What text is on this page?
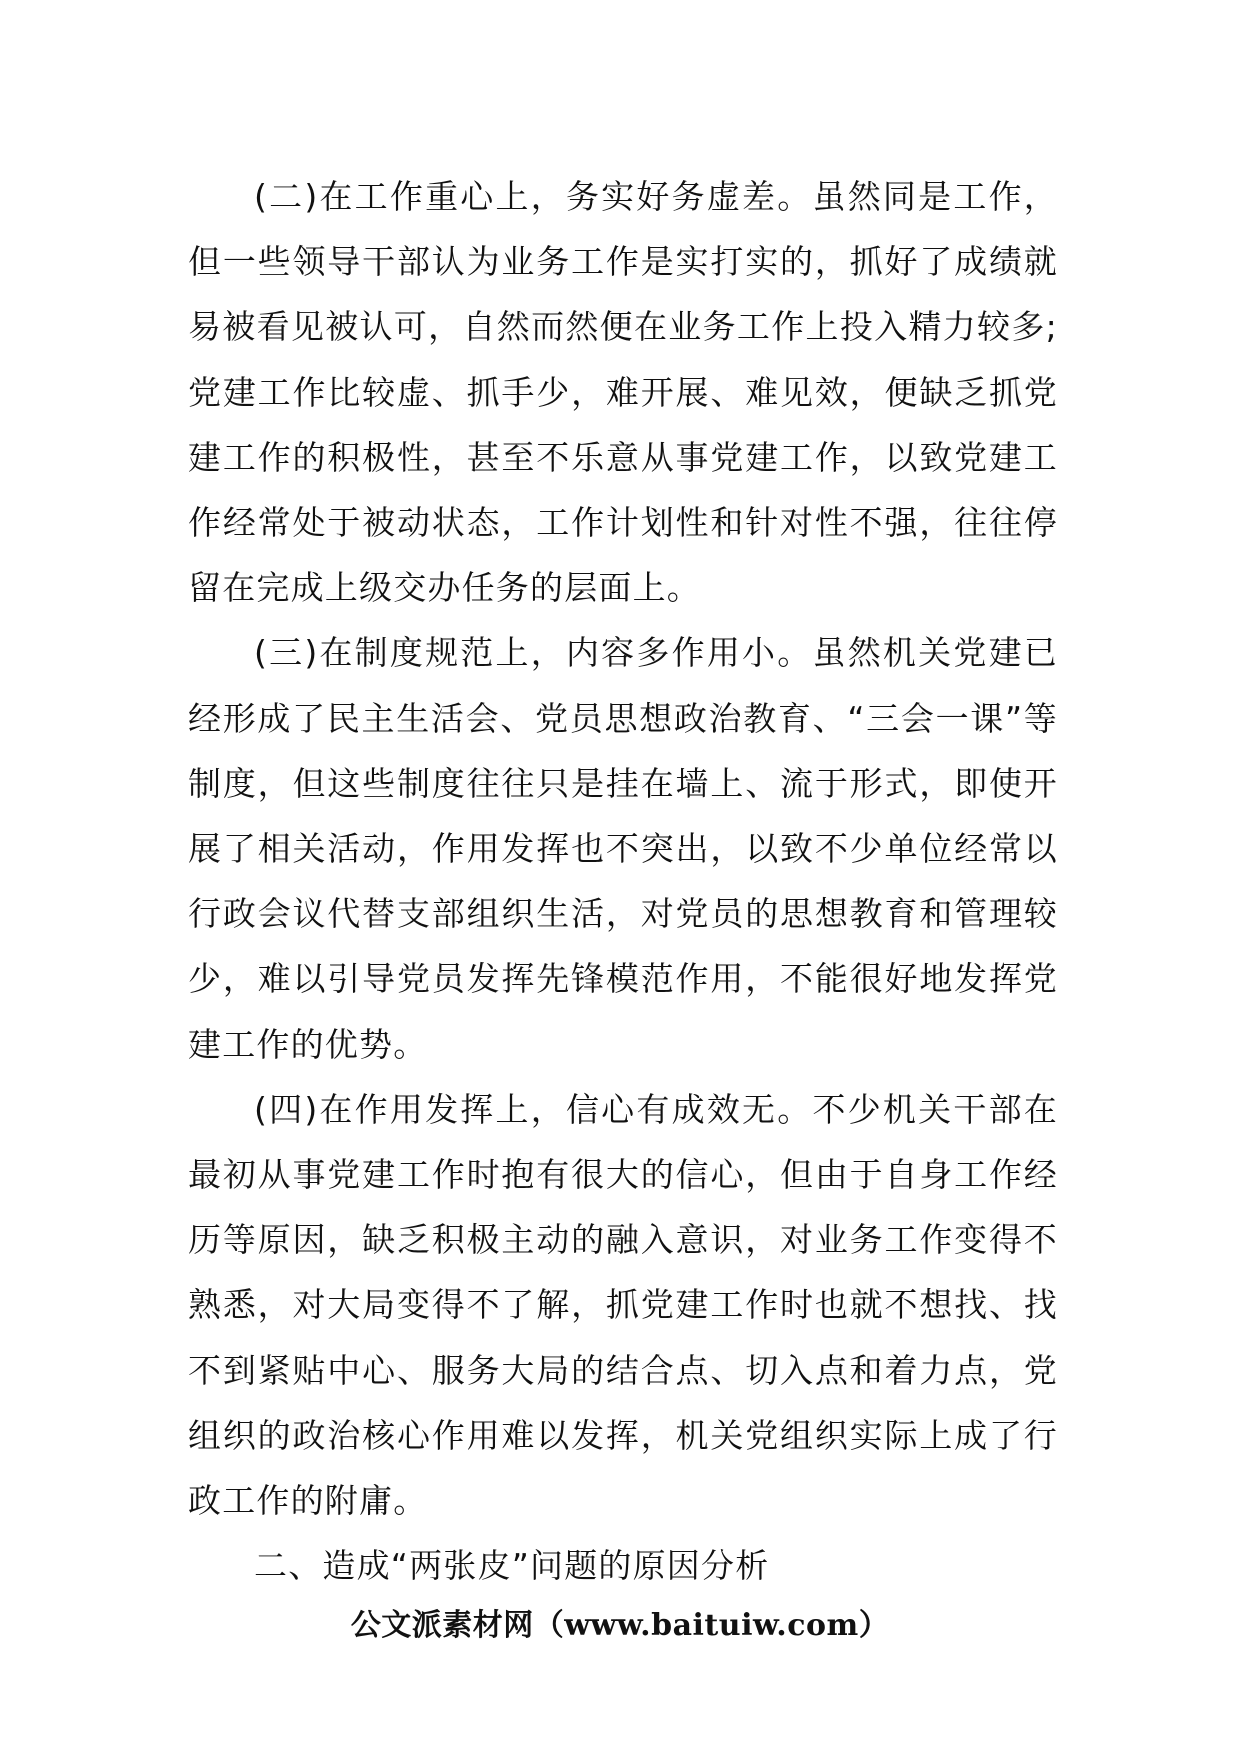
(二)在工作重心上，务实好务虚差。虽然同是工作，但一些领导干部认为业务工作是实打实的，抓好了成绩就易被看见被认可，自然而然便在业务工作上投入精力较多;党建工作比较虚、抓手少，难开展、难见效，便缺乏抓党建工作的积极性，甚至不乐意从事党建工作，以致党建工作经常处于被动状态，工作计划性和针对性不强，往往停留在完成上级交办任务的层面上。

(三)在制度规范上，内容多作用小。虽然机关党建已经形成了民主生活会、党员思想政治教育、“三会一课”等制度，但这些制度往往只是挂在墙上、流于形式，即使开展了相关活动，作用发挥也不突出，以致不少单位经常以行政会议代替支部组织生活，对党员的思想教育和管理较少，难以引导党员发挥先锋模范作用，不能很好地发挥党建工作的优势。

(四)在作用发挥上，信心有成效无。不少机关干部在最初从事党建工作时抱有很大的信心，但由于自身工作经历等原因，缺乏积极主动的融入意识，对业务工作变得不熟悉，对大局变得不了解，抓党建工作时也就不想找、找不到紧贴中心、服务大局的结合点、切入点和着力点，党组织的政治核心作用难以发挥，机关党组织实际上成了行政工作的附庸。

二、造成“两张皮”问题的原因分析

公文派素材网（www.baituiw.com）
